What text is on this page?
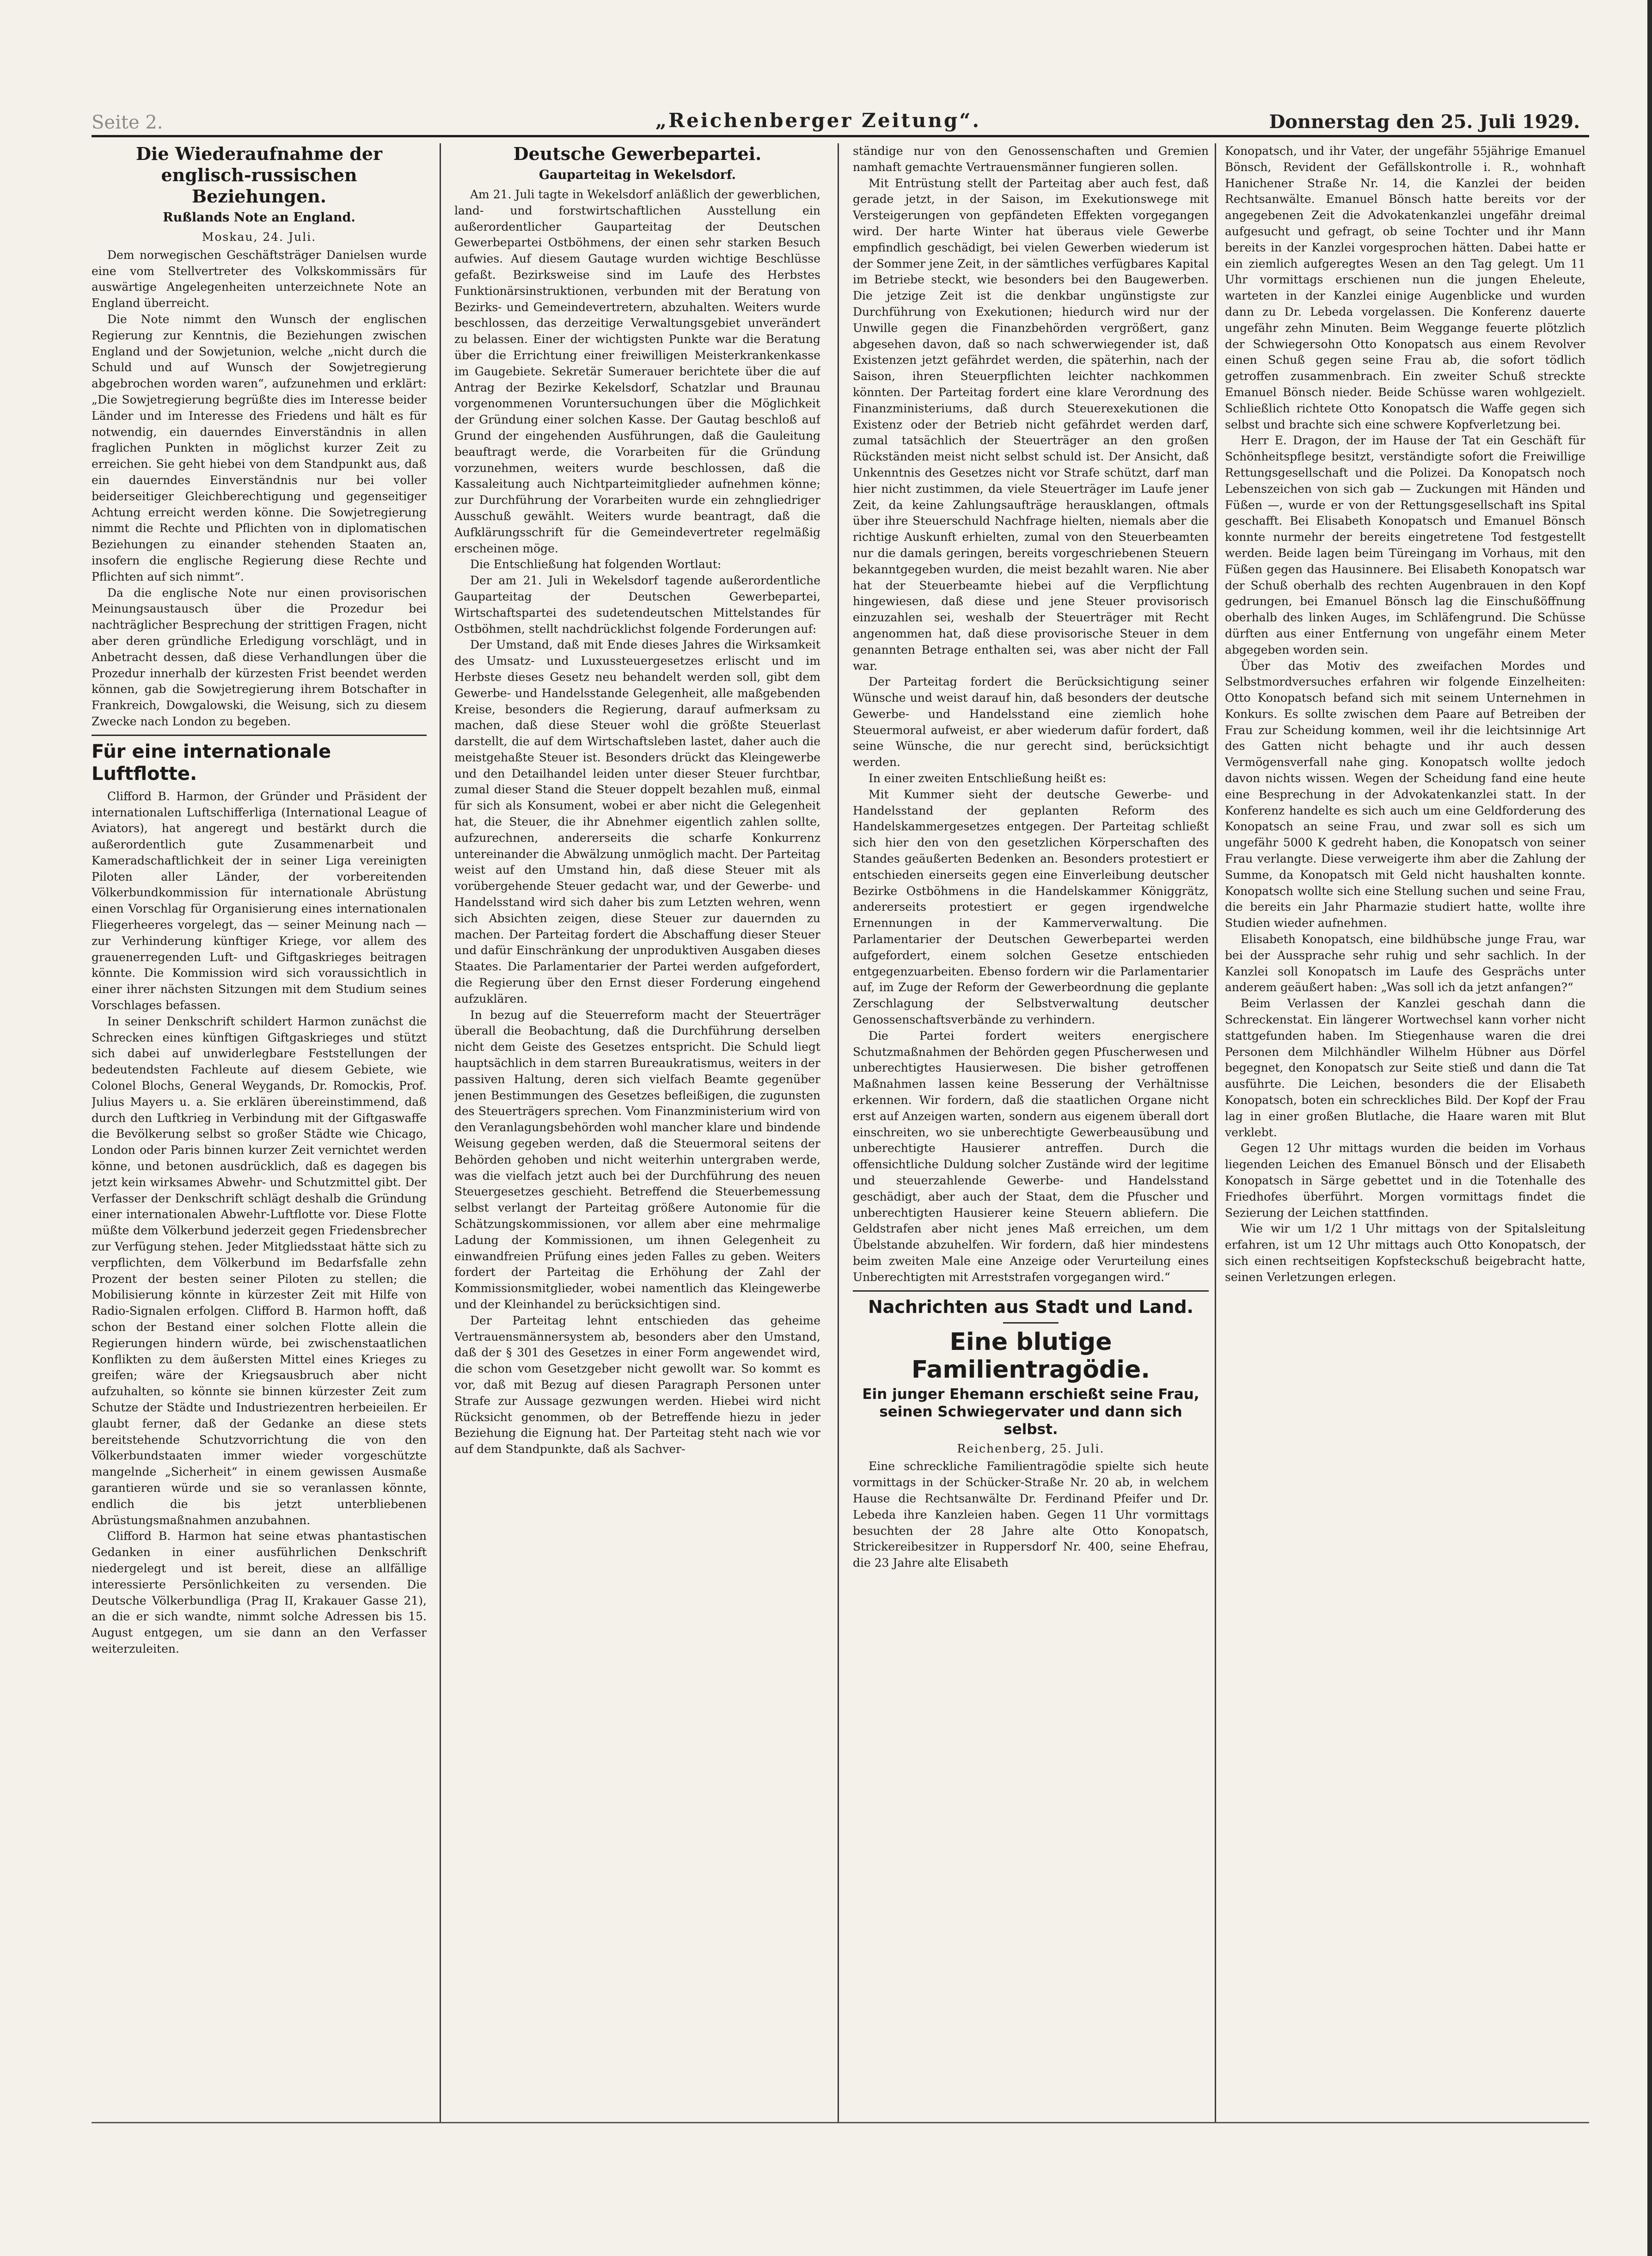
Seite 2.	„Reichenberger Zeitung“.	Donnerstag den 25. Juli 1929.
Die Wiederaufnahme der englisch-russischen Beziehungen.
Rußlands Note an England.
Moskau, 24. Juli.

Dem norwegischen Geschäftsträger Danielsen wurde eine vom Stellvertreter des Volkskommissärs für auswärtige Angelegenheiten unterzeichnete Note an England überreicht.

Die Note nimmt den Wunsch der englischen Regierung zur Kenntnis, die Beziehungen zwischen England und der Sowjetunion, welche „nicht durch die Schuld und auf Wunsch der Sowjetregierung abgebrochen worden waren“, aufzunehmen und erklärt: „Die Sowjetregierung begrüßte dies im Interesse beider Länder und im Interesse des Friedens und hält es für notwendig, ein dauerndes Einverständnis in allen fraglichen Punkten in möglichst kurzer Zeit zu erreichen. Sie geht hiebei von dem Standpunkt aus, daß ein dauerndes Einverständnis nur bei voller beiderseitiger Gleichberechtigung und gegenseitiger Achtung erreicht werden könne. Die Sowjetregierung nimmt die Rechte und Pflichten von in diplomatischen Beziehungen zu einander stehenden Staaten an, insofern die englische Regierung diese Rechte und Pflichten auf sich nimmt“.

Da die englische Note nur einen provisorischen Meinungsaustausch über die Prozedur bei nachträglicher Besprechung der strittigen Fragen, nicht aber deren gründliche Erledigung vorschlägt, und in Anbetracht dessen, daß diese Verhandlungen über die Prozedur innerhalb der kürzesten Frist beendet werden können, gab die Sowjetregierung ihrem Botschafter in Frankreich, Dowgalowski, die Weisung, sich zu diesem Zwecke nach London zu begeben.

Für eine internationale Luftflotte.

Clifford B. Harmon, der Gründer und Präsident der internationalen Luftschifferliga (International League of Aviators), hat angeregt und bestärkt durch die außerordentlich gute Zusammenarbeit und Kameradschaftlichkeit der in seiner Liga vereinigten Piloten aller Länder, der vorbereitenden Völkerbundkommission für internationale Abrüstung einen Vorschlag für Organisierung eines internationalen Fliegerheeres vorgelegt, das — seiner Meinung nach — zur Verhinderung künftiger Kriege, vor allem des grauenerregenden Luft- und Giftgaskrieges beitragen könnte. Die Kommission wird sich voraussichtlich in einer ihrer nächsten Sitzungen mit dem Studium seines Vorschlages befassen.

In seiner Denkschrift schildert Harmon zunächst die Schrecken eines künftigen Giftgaskrieges und stützt sich dabei auf unwiderlegbare Feststellungen der bedeutendsten Fachleute auf diesem Gebiete, wie Colonel Blochs, General Weygands, Dr. Romockis, Prof. Julius Mayers u. a. Sie erklären übereinstimmend, daß durch den Luftkrieg in Verbindung mit der Giftgaswaffe die Bevölkerung selbst so großer Städte wie Chicago, London oder Paris binnen kurzer Zeit vernichtet werden könne, und betonen ausdrücklich, daß es dagegen bis jetzt kein wirksames Abwehr- und Schutzmittel gibt. Der Verfasser der Denkschrift schlägt deshalb die Gründung einer internationalen Abwehr-Luftflotte vor. Diese Flotte müßte dem Völkerbund jederzeit gegen Friedensbrecher zur Verfügung stehen. Jeder Mitgliedsstaat hätte sich zu verpflichten, dem Völkerbund im Bedarfsfalle zehn Prozent der besten seiner Piloten zu stellen; die Mobilisierung könnte in kürzester Zeit mit Hilfe von Radio-Signalen erfolgen. Clifford B. Harmon hofft, daß schon der Bestand einer solchen Flotte allein die Regierungen hindern würde, bei zwischenstaatlichen Konflikten zu dem äußersten Mittel eines Krieges zu greifen; wäre der Kriegsausbruch aber nicht aufzuhalten, so könnte sie binnen kürzester Zeit zum Schutze der Städte und Industriezentren herbeieilen. Er glaubt ferner, daß der Gedanke an diese stets bereitstehende Schutzvorrichtung die von den Völkerbundstaaten immer wieder vorgeschützte mangelnde „Sicherheit“ in einem gewissen Ausmaße garantieren würde und sie so veranlassen könnte, endlich die bis jetzt unterbliebenen Abrüstungsmaßnahmen anzubahnen.

Clifford B. Harmon hat seine etwas phantastischen Gedanken in einer ausführlichen Denkschrift niedergelegt und ist bereit, diese an allfällige interessierte Persönlichkeiten zu versenden. Die Deutsche Völkerbundliga (Prag II, Krakauer Gasse 21), an die er sich wandte, nimmt solche Adressen bis 15. August entgegen, um sie dann an den Verfasser weiterzuleiten.

Deutsche Gewerbepartei.
Gauparteitag in Wekelsdorf.

Am 21. Juli tagte in Wekelsdorf anläßlich der gewerblichen, land- und forstwirtschaftlichen Ausstellung ein außerordentlicher Gauparteitag der Deutschen Gewerbepartei Ostböhmens, der einen sehr starken Besuch aufwies. Auf diesem Gautage wurden wichtige Beschlüsse gefaßt. Bezirksweise sind im Laufe des Herbstes Funktionärsinstruktionen, verbunden mit der Beratung von Bezirks- und Gemeindevertretern, abzuhalten. Weiters wurde beschlossen, das derzeitige Verwaltungsgebiet unverändert zu belassen. Einer der wichtigsten Punkte war die Beratung über die Errichtung einer freiwilligen Meisterkrankenkasse im Gaugebiete. Sekretär Sumerauer berichtete über die auf Antrag der Bezirke Kekelsdorf, Schatzlar und Braunau vorgenommenen Voruntersuchungen über die Möglichkeit der Gründung einer solchen Kasse. Der Gautag beschloß auf Grund der eingehenden Ausführungen, daß die Gauleitung beauftragt werde, die Vorarbeiten für die Gründung vorzunehmen, weiters wurde beschlossen, daß die Kassaleitung auch Nichtparteimitglieder aufnehmen könne; zur Durchführung der Vorarbeiten wurde ein zehngliedriger Ausschuß gewählt. Weiters wurde beantragt, daß die Aufklärungsschrift für die Gemeindevertreter regelmäßig erscheinen möge.

Die Entschließung hat folgenden Wortlaut:

Der am 21. Juli in Wekelsdorf tagende außerordentliche Gauparteitag der Deutschen Gewerbepartei, Wirtschaftspartei des sudetendeutschen Mittelstandes für Ostböhmen, stellt nachdrücklichst folgende Forderungen auf:

Der Umstand, daß mit Ende dieses Jahres die Wirksamkeit des Umsatz- und Luxussteuergesetzes erlischt und im Herbste dieses Gesetz neu behandelt werden soll, gibt dem Gewerbe- und Handelsstande Gelegenheit, alle maßgebenden Kreise, besonders die Regierung, darauf aufmerksam zu machen, daß diese Steuer wohl die größte Steuerlast darstellt, die auf dem Wirtschaftsleben lastet, daher auch die meistgehaßte Steuer ist. Besonders drückt das Kleingewerbe und den Detailhandel leiden unter dieser Steuer furchtbar, zumal dieser Stand die Steuer doppelt bezahlen muß, einmal für sich als Konsument, wobei er aber nicht die Gelegenheit hat, die Steuer, die ihr Abnehmer eigentlich zahlen sollte, aufzurechnen, andererseits die scharfe Konkurrenz untereinander die Abwälzung unmöglich macht. Der Parteitag weist auf den Umstand hin, daß diese Steuer mit als vorübergehende Steuer gedacht war, und der Gewerbe- und Handelsstand wird sich daher bis zum Letzten wehren, wenn sich Absichten zeigen, diese Steuer zur dauernden zu machen. Der Parteitag fordert die Abschaffung dieser Steuer und dafür Einschränkung der unproduktiven Ausgaben dieses Staates. Die Parlamentarier der Partei werden aufgefordert, die Regierung über den Ernst dieser Forderung eingehend aufzuklären.

In bezug auf die Steuerreform macht der Steuerträger überall die Beobachtung, daß die Durchführung derselben nicht dem Geiste des Gesetzes entspricht. Die Schuld liegt hauptsächlich in dem starren Bureaukratismus, weiters in der passiven Haltung, deren sich vielfach Beamte gegenüber jenen Bestimmungen des Gesetzes befleißigen, die zugunsten des Steuerträgers sprechen. Vom Finanzministerium wird von den Veranlagungsbehörden wohl mancher klare und bindende Weisung gegeben werden, daß die Steuermoral seitens der Behörden gehoben und nicht weiterhin untergraben werde, was die vielfach jetzt auch bei der Durchführung des neuen Steuergesetzes geschieht. Betreffend die Steuerbemessung selbst verlangt der Parteitag größere Autonomie für die Schätzungskommissionen, vor allem aber eine mehrmalige Ladung der Kommissionen, um ihnen Gelegenheit zu einwandfreien Prüfung eines jeden Falles zu geben. Weiters fordert der Parteitag die Erhöhung der Zahl der Kommissionsmitglieder, wobei namentlich das Kleingewerbe und der Kleinhandel zu berücksichtigen sind.

Der Parteitag lehnt entschieden das geheime Vertrauensmännersystem ab, besonders aber den Umstand, daß der § 301 des Gesetzes in einer Form angewendet wird, die schon vom Gesetzgeber nicht gewollt war. So kommt es vor, daß mit Bezug auf diesen Paragraph Personen unter Strafe zur Aussage gezwungen werden. Hiebei wird nicht Rücksicht genommen, ob der Betreffende hiezu in jeder Beziehung die Eignung hat. Der Parteitag steht nach wie vor auf dem Standpunkte, daß als Sachver-

ständige nur von den Genossenschaften und Gremien namhaft gemachte Vertrauensmänner fungieren sollen.

Mit Entrüstung stellt der Parteitag aber auch fest, daß gerade jetzt, in der Saison, im Exekutionswege mit Versteigerungen von gepfändeten Effekten vorgegangen wird. Der harte Winter hat überaus viele Gewerbe empfindlich geschädigt, bei vielen Gewerben wiederum ist der Sommer jene Zeit, in der sämtliches verfügbares Kapital im Betriebe steckt, wie besonders bei den Baugewerben. Die jetzige Zeit ist die denkbar ungünstigste zur Durchführung von Exekutionen; hiedurch wird nur der Unwille gegen die Finanzbehörden vergrößert, ganz abgesehen davon, daß so nach schwerwiegender ist, daß Existenzen jetzt gefährdet werden, die späterhin, nach der Saison, ihren Steuerpflichten leichter nachkommen könnten. Der Parteitag fordert eine klare Verordnung des Finanzministeriums, daß durch Steuerexekutionen die Existenz oder der Betrieb nicht gefährdet werden darf, zumal tatsächlich der Steuerträger an den großen Rückständen meist nicht selbst schuld ist. Der Ansicht, daß Unkenntnis des Gesetzes nicht vor Strafe schützt, darf man hier nicht zustimmen, da viele Steuerträger im Laufe jener Zeit, da keine Zahlungsaufträge herausklangen, oftmals über ihre Steuerschuld Nachfrage hielten, niemals aber die richtige Auskunft erhielten, zumal von den Steuerbeamten nur die damals geringen, bereits vorgeschriebenen Steuern bekanntgegeben wurden, die meist bezahlt waren. Nie aber hat der Steuerbeamte hiebei auf die Verpflichtung hingewiesen, daß diese und jene Steuer provisorisch einzuzahlen sei, weshalb der Steuerträger mit Recht angenommen hat, daß diese provisorische Steuer in dem genannten Betrage enthalten sei, was aber nicht der Fall war.

Der Parteitag fordert die Berücksichtigung seiner Wünsche und weist darauf hin, daß besonders der deutsche Gewerbe- und Handelsstand eine ziemlich hohe Steuermoral aufweist, er aber wiederum dafür fordert, daß seine Wünsche, die nur gerecht sind, berücksichtigt werden.

In einer zweiten Entschließung heißt es:

Mit Kummer sieht der deutsche Gewerbe- und Handelsstand der geplanten Reform des Handelskammergesetzes entgegen. Der Parteitag schließt sich hier den von den gesetzlichen Körperschaften des Standes geäußerten Bedenken an. Besonders protestiert er entschieden einerseits gegen eine Einverleibung deutscher Bezirke Ostböhmens in die Handelskammer Königgrätz, andererseits protestiert er gegen irgendwelche Ernennungen in der Kammerverwaltung. Die Parlamentarier der Deutschen Gewerbepartei werden aufgefordert, einem solchen Gesetze entschieden entgegenzuarbeiten. Ebenso fordern wir die Parlamentarier auf, im Zuge der Reform der Gewerbeordnung die geplante Zerschlagung der Selbstverwaltung deutscher Genossenschaftsverbände zu verhindern.

Die Partei fordert weiters energischere Schutzmaßnahmen der Behörden gegen Pfuscherwesen und unberechtigtes Hausierwesen. Die bisher getroffenen Maßnahmen lassen keine Besserung der Verhältnisse erkennen. Wir fordern, daß die staatlichen Organe nicht erst auf Anzeigen warten, sondern aus eigenem überall dort einschreiten, wo sie unberechtigte Gewerbeausübung und unberechtigte Hausierer antreffen. Durch die offensichtliche Duldung solcher Zustände wird der legitime und steuerzahlende Gewerbe- und Handelsstand geschädigt, aber auch der Staat, dem die Pfuscher und unberechtigten Hausierer keine Steuern abliefern. Die Geldstrafen aber nicht jenes Maß erreichen, um dem Übelstande abzuhelfen. Wir fordern, daß hier mindestens beim zweiten Male eine Anzeige oder Verurteilung eines Unberechtigten mit Arreststrafen vorgegangen wird.“

Nachrichten aus Stadt und Land.
Eine blutige Familientragödie.
Ein junger Ehemann erschießt seine Frau, seinen Schwiegervater und dann sich selbst.
Reichenberg, 25. Juli.

Eine schreckliche Familientragödie spielte sich heute vormittags in der Schücker-Straße Nr. 20 ab, in welchem Hause die Rechtsanwälte Dr. Ferdinand Pfeifer und Dr. Lebeda ihre Kanzleien haben. Gegen 11 Uhr vormittags besuchten der 28 Jahre alte Otto Konopatsch, Strickereibesitzer in Ruppersdorf Nr. 400, seine Ehefrau, die 23 Jahre alte Elisabeth

Konopatsch, und ihr Vater, der ungefähr 55jährige Emanuel Bönsch, Revident der Gefällskontrolle i. R., wohnhaft Hanichener Straße Nr. 14, die Kanzlei der beiden Rechtsanwälte. Emanuel Bönsch hatte bereits vor der angegebenen Zeit die Advokatenkanzlei ungefähr dreimal aufgesucht und gefragt, ob seine Tochter und ihr Mann bereits in der Kanzlei vorgesprochen hätten. Dabei hatte er ein ziemlich aufgeregtes Wesen an den Tag gelegt. Um 11 Uhr vormittags erschienen nun die jungen Eheleute, warteten in der Kanzlei einige Augenblicke und wurden dann zu Dr. Lebeda vorgelassen. Die Konferenz dauerte ungefähr zehn Minuten. Beim Weggange feuerte plötzlich der Schwiegersohn Otto Konopatsch aus einem Revolver einen Schuß gegen seine Frau ab, die sofort tödlich getroffen zusammenbrach. Ein zweiter Schuß streckte Emanuel Bönsch nieder. Beide Schüsse waren wohlgezielt. Schließlich richtete Otto Konopatsch die Waffe gegen sich selbst und brachte sich eine schwere Kopfverletzung bei.

Herr E. Dragon, der im Hause der Tat ein Geschäft für Schönheitspflege besitzt, verständigte sofort die Freiwillige Rettungsgesellschaft und die Polizei. Da Konopatsch noch Lebenszeichen von sich gab — Zuckungen mit Händen und Füßen —, wurde er von der Rettungsgesellschaft ins Spital geschafft. Bei Elisabeth Konopatsch und Emanuel Bönsch konnte nurmehr der bereits eingetretene Tod festgestellt werden. Beide lagen beim Türeingang im Vorhaus, mit den Füßen gegen das Hausinnere. Bei Elisabeth Konopatsch war der Schuß oberhalb des rechten Augenbrauen in den Kopf gedrungen, bei Emanuel Bönsch lag die Einschußöffnung oberhalb des linken Auges, im Schläfengrund. Die Schüsse dürften aus einer Entfernung von ungefähr einem Meter abgegeben worden sein.

Über das Motiv des zweifachen Mordes und Selbstmordversuches erfahren wir folgende Einzelheiten: Otto Konopatsch befand sich mit seinem Unternehmen in Konkurs. Es sollte zwischen dem Paare auf Betreiben der Frau zur Scheidung kommen, weil ihr die leichtsinnige Art des Gatten nicht behagte und ihr auch dessen Vermögensverfall nahe ging. Konopatsch wollte jedoch davon nichts wissen. Wegen der Scheidung fand eine heute eine Besprechung in der Advokatenkanzlei statt. In der Konferenz handelte es sich auch um eine Geldforderung des Konopatsch an seine Frau, und zwar soll es sich um ungefähr 5000 K gedreht haben, die Konopatsch von seiner Frau verlangte. Diese verweigerte ihm aber die Zahlung der Summe, da Konopatsch mit Geld nicht haushalten konnte. Konopatsch wollte sich eine Stellung suchen und seine Frau, die bereits ein Jahr Pharmazie studiert hatte, wollte ihre Studien wieder aufnehmen.

Elisabeth Konopatsch, eine bildhübsche junge Frau, war bei der Aussprache sehr ruhig und sehr sachlich. In der Kanzlei soll Konopatsch im Laufe des Gesprächs unter anderem geäußert haben: „Was soll ich da jetzt anfangen?“

Beim Verlassen der Kanzlei geschah dann die Schreckenstat. Ein längerer Wortwechsel kann vorher nicht stattgefunden haben. Im Stiegenhause waren die drei Personen dem Milchhändler Wilhelm Hübner aus Dörfel begegnet, den Konopatsch zur Seite stieß und dann die Tat ausführte. Die Leichen, besonders die der Elisabeth Konopatsch, boten ein schreckliches Bild. Der Kopf der Frau lag in einer großen Blutlache, die Haare waren mit Blut verklebt.

Gegen 12 Uhr mittags wurden die beiden im Vorhaus liegenden Leichen des Emanuel Bönsch und der Elisabeth Konopatsch in Särge gebettet und in die Totenhalle des Friedhofes überführt. Morgen vormittags findet die Sezierung der Leichen stattfinden.

Wie wir um 1/2 1 Uhr mittags von der Spitalsleitung erfahren, ist um 12 Uhr mittags auch Otto Konopatsch, der sich einen rechtseitigen Kopfsteckschuß beigebracht hatte, seinen Verletzungen erlegen.
